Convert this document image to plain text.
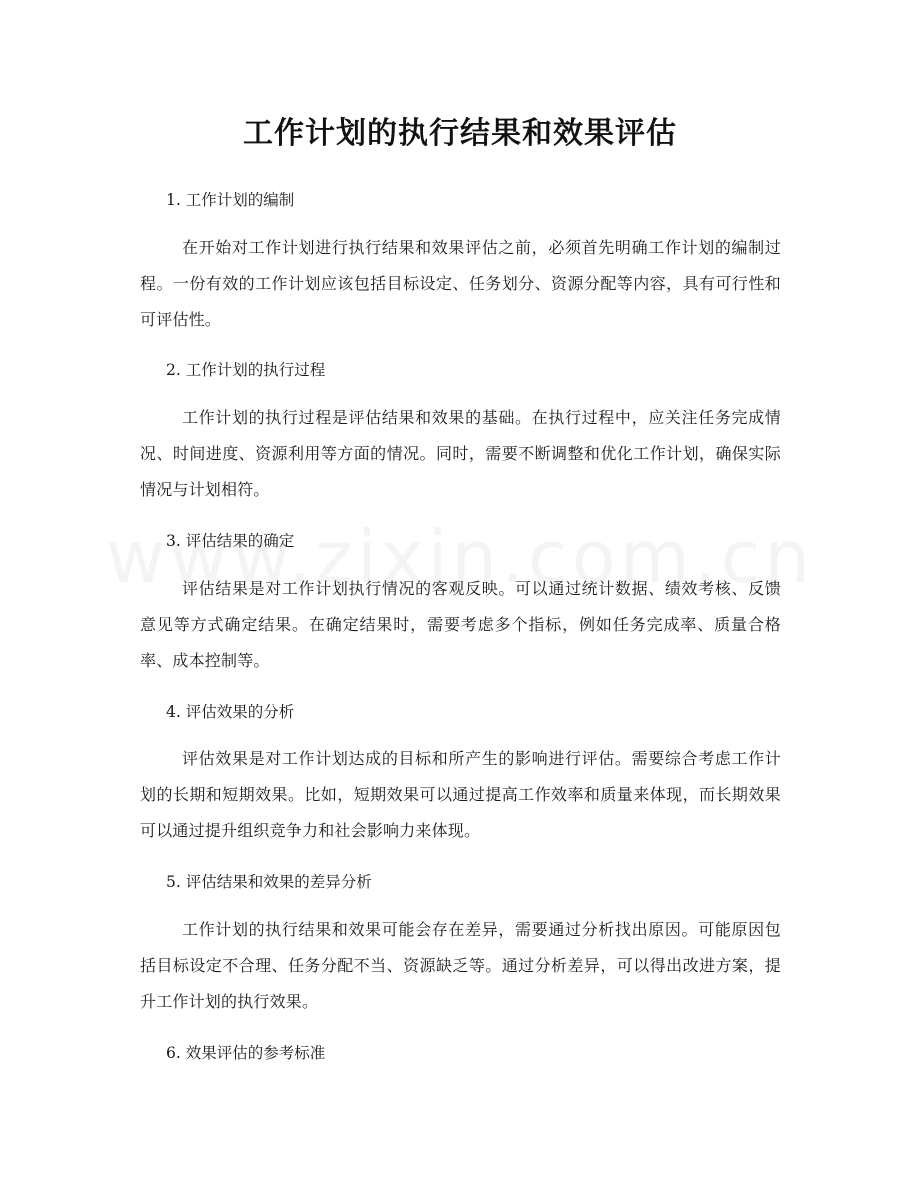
工作计划的执行结果和效果评估

1. 工作计划的编制

在开始对工作计划进行执行结果和效果评估之前，必须首先明确工作计划的编制过程。一份有效的工作计划应该包括目标设定、任务划分、资源分配等内容，具有可行性和可评估性。

2. 工作计划的执行过程

工作计划的执行过程是评估结果和效果的基础。在执行过程中，应关注任务完成情况、时间进度、资源利用等方面的情况。同时，需要不断调整和优化工作计划，确保实际情况与计划相符。

3. 评估结果的确定

评估结果是对工作计划执行情况的客观反映。可以通过统计数据、绩效考核、反馈意见等方式确定结果。在确定结果时，需要考虑多个指标，例如任务完成率、质量合格率、成本控制等。

4. 评估效果的分析

评估效果是对工作计划达成的目标和所产生的影响进行评估。需要综合考虑工作计划的长期和短期效果。比如，短期效果可以通过提高工作效率和质量来体现，而长期效果可以通过提升组织竞争力和社会影响力来体现。

5. 评估结果和效果的差异分析

工作计划的执行结果和效果可能会存在差异，需要通过分析找出原因。可能原因包括目标设定不合理、任务分配不当、资源缺乏等。通过分析差异，可以得出改进方案，提升工作计划的执行效果。

6. 效果评估的参考标准
